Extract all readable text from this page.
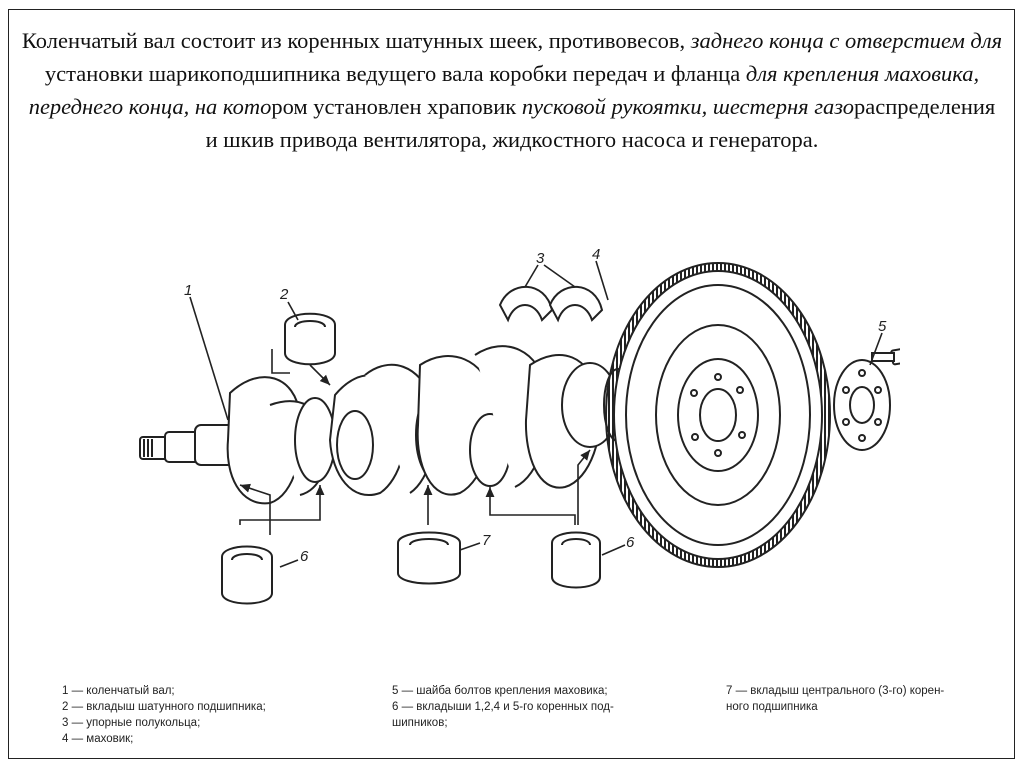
Коленчатый вал состоит из коренных шатунных шеек, противовесов, заднего конца с отверстием для установки шарикоподшипника ведущего вала коробки передач и фланца для крепления маховика, переднего конца, на котором установлен храповик пусковой рукоятки, шестерня газораспределения и шкив привода вентилятора, жидкостного насоса и генератора.
1	2
3	4
5
6
7	6
1 — коленчатый вал;
2 — вкладыш шатунного подшипника;
3 — упорные полукольца;
4 — маховик;
5 — шайба болтов крепления маховика;
6 — вкладыши 1,2,4 и 5-го коренных под-
шипников;
7 — вкладыш центрального (3-го) корен-
ного подшипника
